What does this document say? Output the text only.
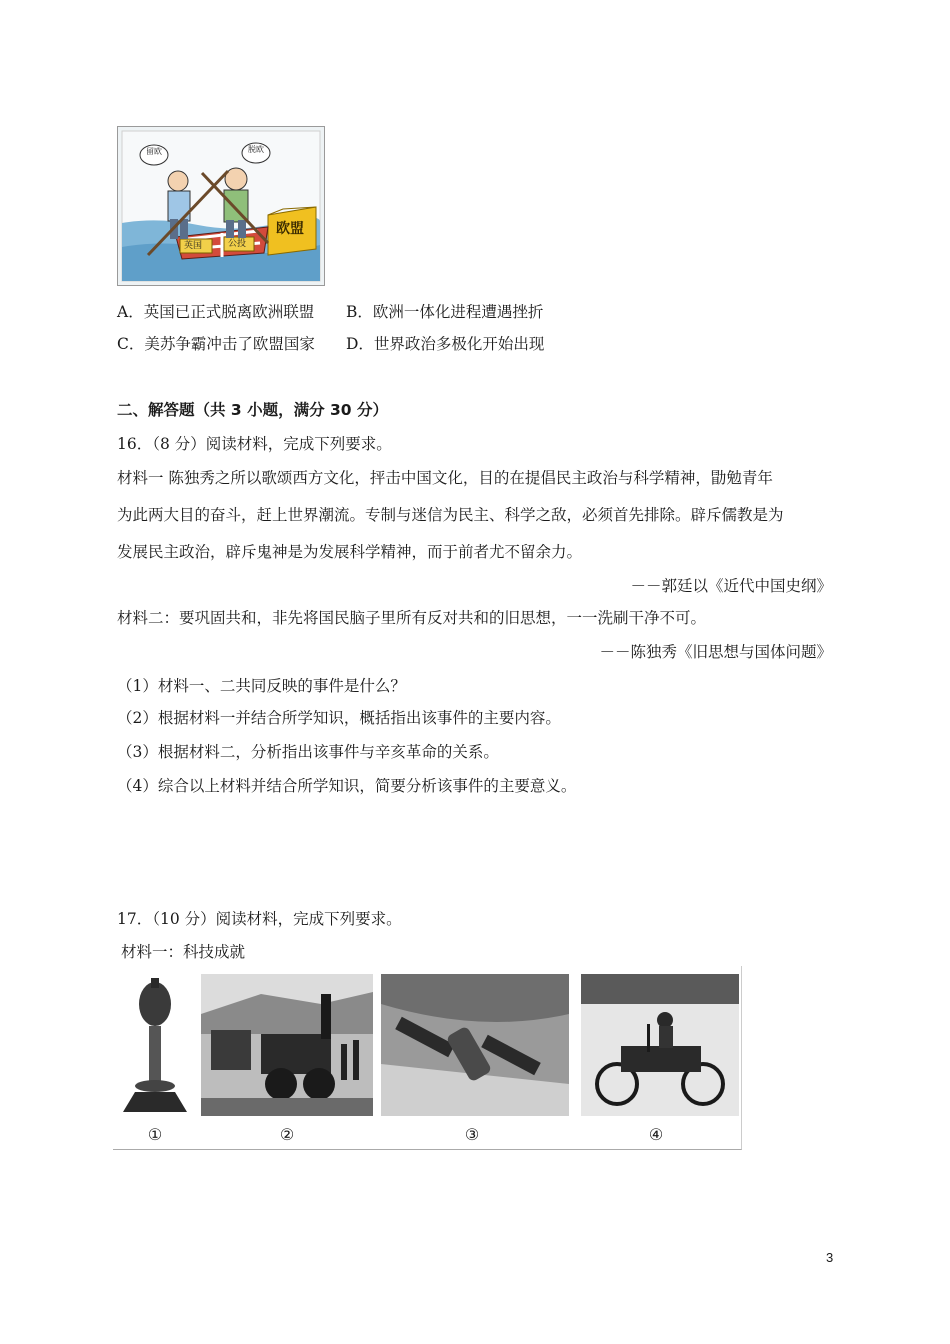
留欧	脱欧
英国	公投
欧盟
A．英国已正式脱离欧洲联盟 B．欧洲一体化进程遭遇挫折
C．美苏争霸冲击了欧盟国家 D．世界政治多极化开始出现
二、解答题（共 3 小题，满分 30 分）
16．（8 分）阅读材料，完成下列要求。
材料一 陈独秀之所以歌颂西方文化，抨击中国文化，目的在提倡民主政治与科学精神，勖勉青年
为此两大目的奋斗，赶上世界潮流。专制与迷信为民主、科学之敌，必须首先排除。辟斥儒教是为
发展民主政治，辟斥鬼神是为发展科学精神，而于前者尤不留余力。
－－郭廷以《近代中国史纲》
材料二：要巩固共和，非先将国民脑子里所有反对共和的旧思想，一一洗刷干净不可。
－－陈独秀《旧思想与国体问题》
（1）材料一、二共同反映的事件是什么？
（2）根据材料一并结合所学知识，概括指出该事件的主要内容。
（3）根据材料二，分析指出该事件与辛亥革命的关系。
（4）综合以上材料并结合所学知识，简要分析该事件的主要意义。
17．（10 分）阅读材料，完成下列要求。
材料一：科技成就
①	②	③	④
3
